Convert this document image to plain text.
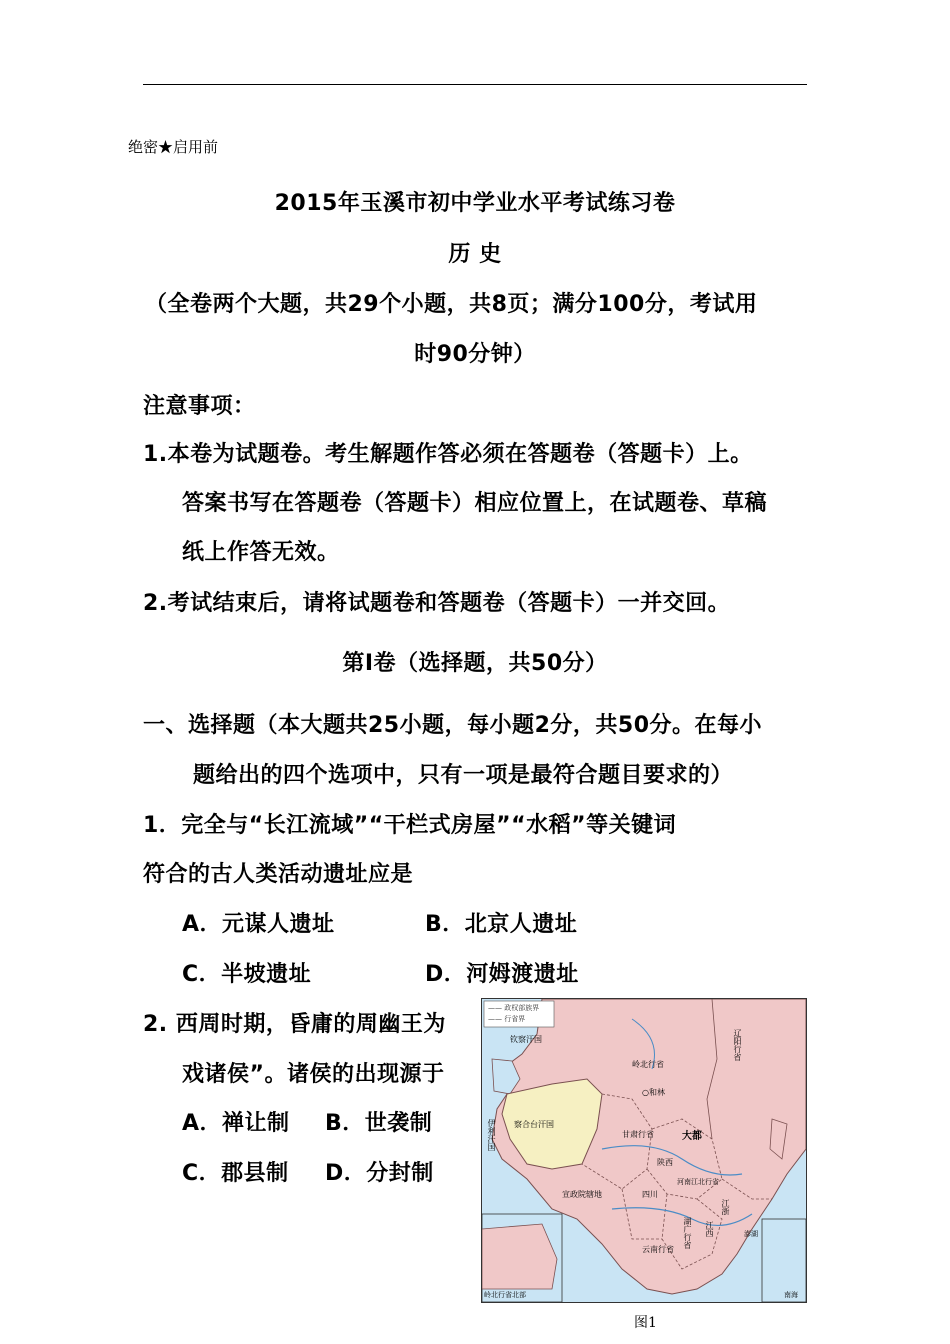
绝密★启用前
2015年玉溪市初中学业水平考试练习卷
历 史
（全卷两个大题，共29个小题，共8页；满分100分，考试用
时90分钟）
注意事项：
1.本卷为试题卷。考生解题作答必须在答题卷（答题卡）上。
答案书写在答题卷（答题卡）相应位置上，在试题卷、草稿
纸上作答无效。
2.考试结束后，请将试题卷和答题卷（答题卡）一并交回。
第Ⅰ卷（选择题，共50分）
一、选择题（本大题共25小题，每小题2分，共50分。在每小
题给出的四个选项中，只有一项是最符合题目要求的）
1．完全与“长江流域”“干栏式房屋”“水稻”等关键词
符合的古人类活动遗址应是
A．元谋人遗址	B．北京人遗址
C．半坡遗址	D．河姆渡遗址
2. 西周时期，昏庸的周幽王为
戏诸侯”。诸侯的出现源于
A．禅让制 B．世袭制
C．郡县制 D．分封制
—— 政权部族界
—— 行省界
钦察汗国
岭北行省
辽阳行省
○和林
察合台汗国
伊利汗国	甘肃行省	大都
宣政院辖地
陕西
河南江北行省
四川
江浙
湖广行省 江西
云南行省
岭北行省北部	南海
澎湖
图1
